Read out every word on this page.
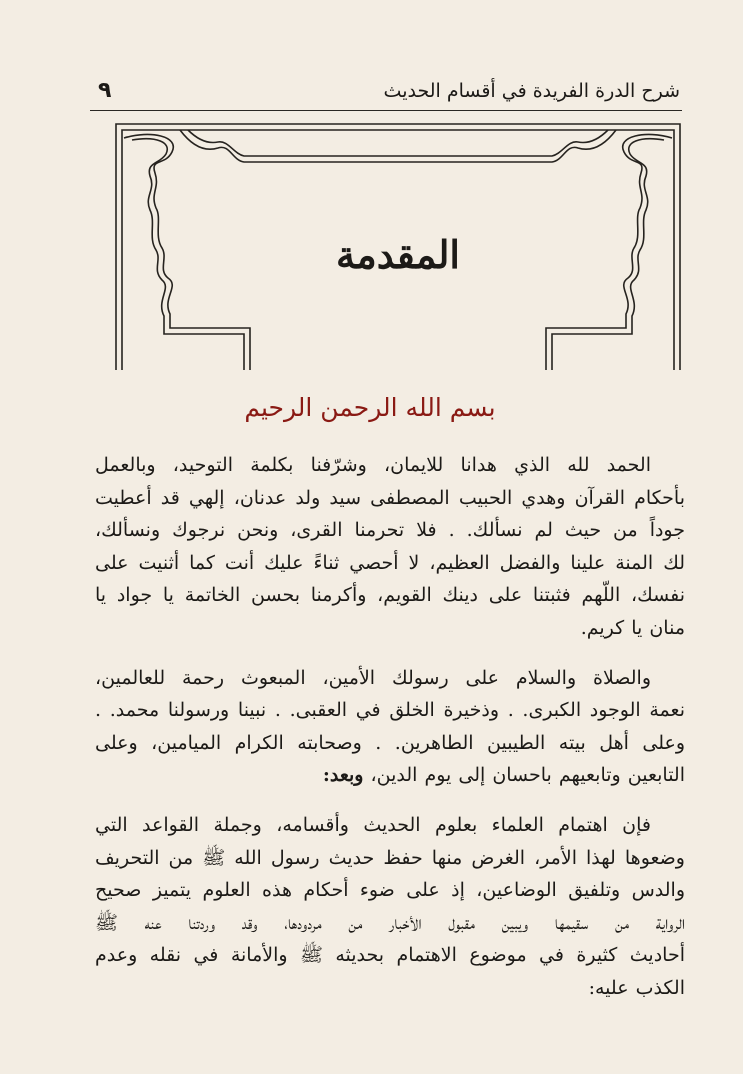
شرح الدرة الفريدة في أقسام الحديث
٩
المقدمة
بسم الله الرحمن الرحيم
الحمد لله الذي هدانا للايمان، وشرّفنا بكلمة التوحيد، وبالعمل
بأحكام القرآن وهدي الحبيب المصطفى سيد ولد عدنان، إلهي قد أعطيت
جوداً من حيث لم نسألك. . فلا تحرمنا القرى، ونحن نرجوك ونسألك،
لك المنة علينا والفضل العظيم، لا أحصي ثناءً عليك أنت كما أثنيت على
نفسك، اللّهم فثبتنا على دينك القويم، وأكرمنا بحسن الخاتمة يا جواد يا
منان يا كريم.
والصلاة والسلام على رسولك الأمين، المبعوث رحمة للعالمين،
نعمة الوجود الكبرى. . وذخيرة الخلق في العقبى. . نبينا ورسولنا محمد. .
وعلى أهل بيته الطيبين الطاهرين. . وصحابته الكرام الميامين، وعلى
التابعين وتابعيهم باحسان إلى يوم الدين، وبعد:
فإن اهتمام العلماء بعلوم الحديث وأقسامه، وجملة القواعد التي
وضعوها لهذا الأمر، الغرض منها حفظ حديث رسول الله ﷺ من التحريف
والدس وتلفيق الوضاعين، إذ على ضوء أحكام هذه العلوم يتميز صحيح
الرواية من سقيمها ويبين مقبول الأخبار من مردودها، وقد وردتنا عنه ﷺ
أحاديث كثيرة في موضوع الاهتمام بحديثه ﷺ والأمانة في نقله وعدم
الكذب عليه:
